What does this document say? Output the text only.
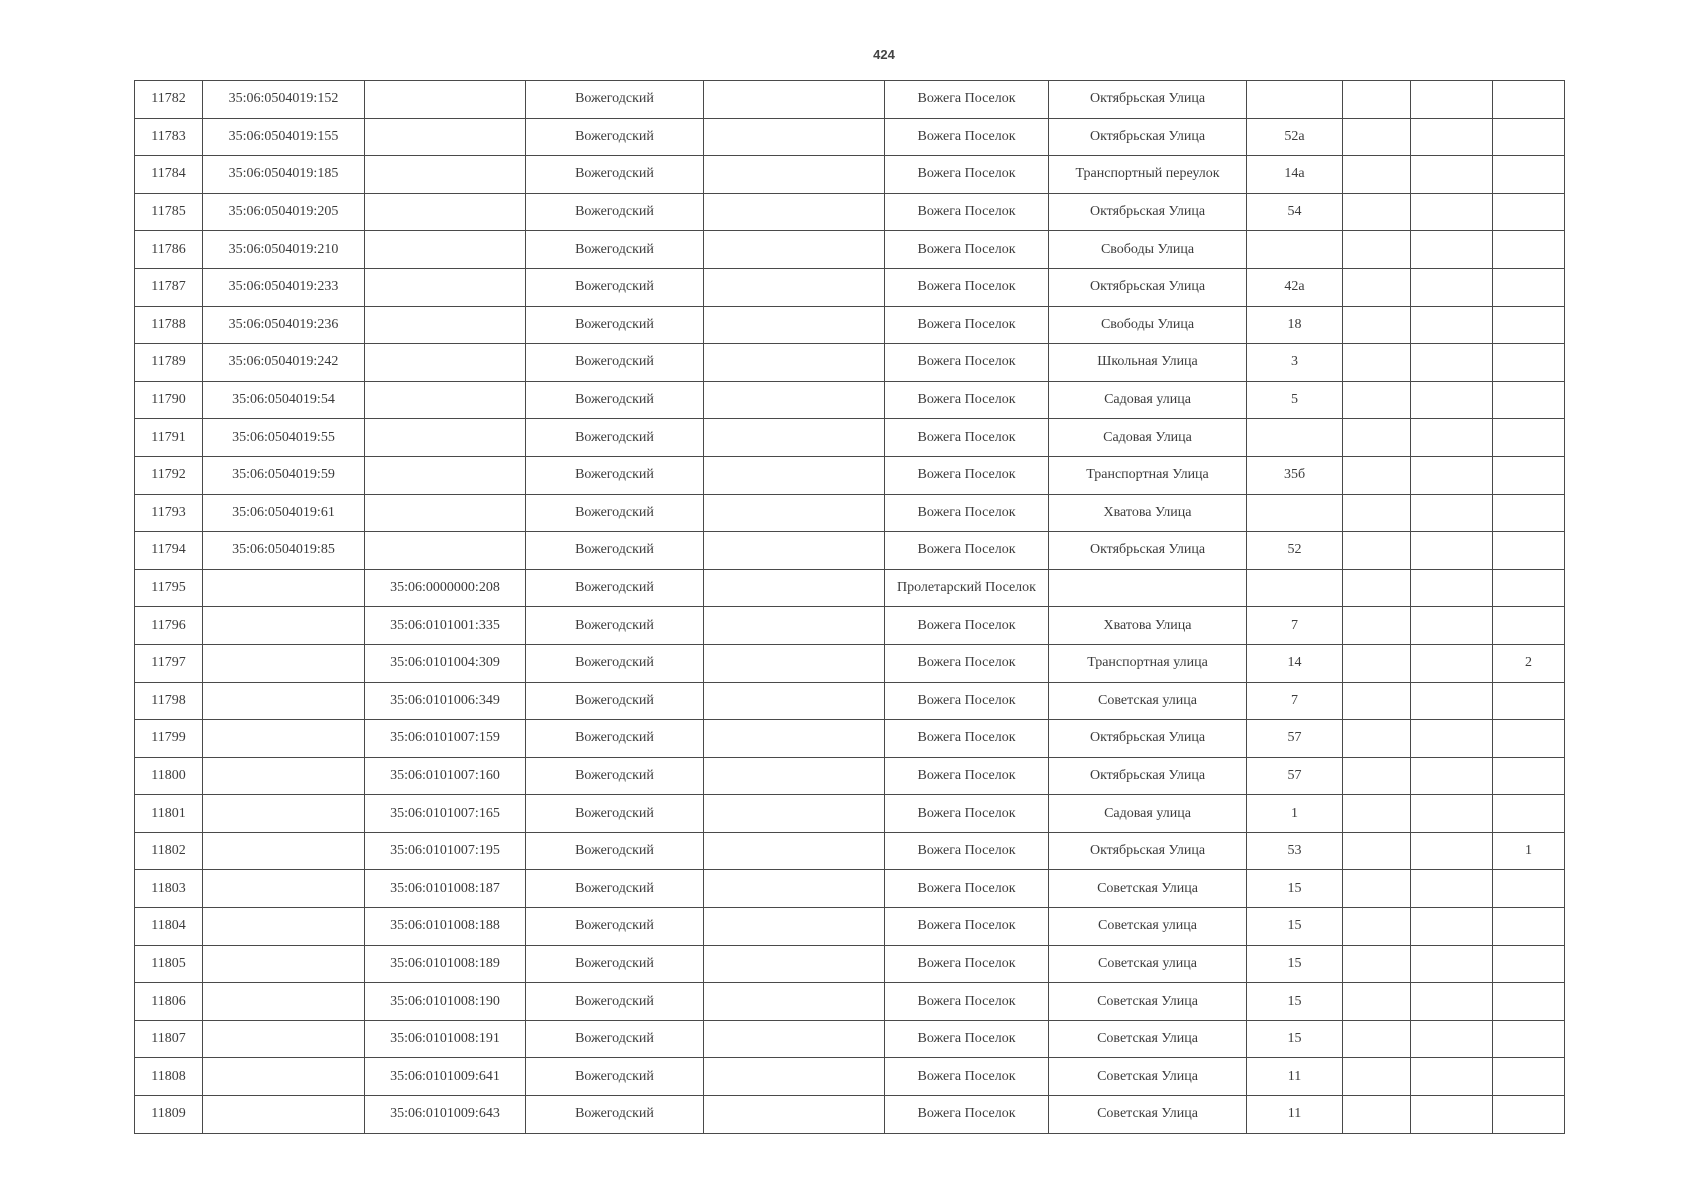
424
11782	35:06:0504019:152		Вожегодский		Вожега Поселок	Октябрьская Улица				
11783	35:06:0504019:155		Вожегодский		Вожега Поселок	Октябрьская Улица	52а			
11784	35:06:0504019:185		Вожегодский		Вожега Поселок	Транспортный переулок	14а			
11785	35:06:0504019:205		Вожегодский		Вожега Поселок	Октябрьская Улица	54			
11786	35:06:0504019:210		Вожегодский		Вожега Поселок	Свободы Улица				
11787	35:06:0504019:233		Вожегодский		Вожега Поселок	Октябрьская Улица	42а			
11788	35:06:0504019:236		Вожегодский		Вожега Поселок	Свободы Улица	18			
11789	35:06:0504019:242		Вожегодский		Вожега Поселок	Школьная Улица	3			
11790	35:06:0504019:54		Вожегодский		Вожега Поселок	Садовая улица	5			
11791	35:06:0504019:55		Вожегодский		Вожега Поселок	Садовая Улица				
11792	35:06:0504019:59		Вожегодский		Вожега Поселок	Транспортная Улица	35б			
11793	35:06:0504019:61		Вожегодский		Вожега Поселок	Хватова Улица				
11794	35:06:0504019:85		Вожегодский		Вожега Поселок	Октябрьская Улица	52			
11795		35:06:0000000:208	Вожегодский		Пролетарский Поселок					
11796		35:06:0101001:335	Вожегодский		Вожега Поселок	Хватова Улица	7			
11797		35:06:0101004:309	Вожегодский		Вожега Поселок	Транспортная улица	14			2
11798		35:06:0101006:349	Вожегодский		Вожега Поселок	Советская улица	7			
11799		35:06:0101007:159	Вожегодский		Вожега Поселок	Октябрьская Улица	57			
11800		35:06:0101007:160	Вожегодский		Вожега Поселок	Октябрьская Улица	57			
11801		35:06:0101007:165	Вожегодский		Вожега Поселок	Садовая улица	1			
11802		35:06:0101007:195	Вожегодский		Вожега Поселок	Октябрьская Улица	53			1
11803		35:06:0101008:187	Вожегодский		Вожега Поселок	Советская Улица	15			
11804		35:06:0101008:188	Вожегодский		Вожега Поселок	Советская улица	15			
11805		35:06:0101008:189	Вожегодский		Вожега Поселок	Советская улица	15			
11806		35:06:0101008:190	Вожегодский		Вожега Поселок	Советская Улица	15			
11807		35:06:0101008:191	Вожегодский		Вожега Поселок	Советская Улица	15			
11808		35:06:0101009:641	Вожегодский		Вожега Поселок	Советская Улица	11			
11809		35:06:0101009:643	Вожегодский		Вожега Поселок	Советская Улица	11			
